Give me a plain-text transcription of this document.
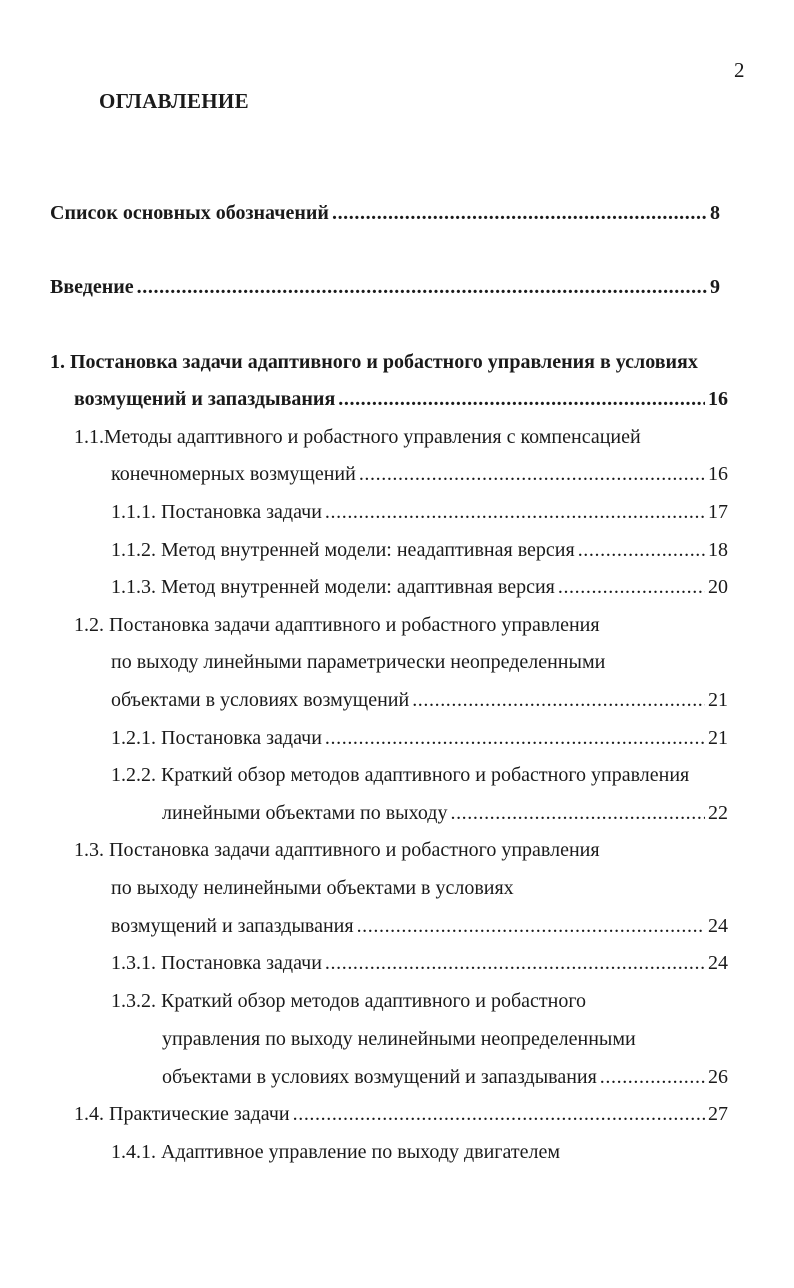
2
ОГЛАВЛЕНИЕ
Список основных обозначений . . .	8
Введение . . .	9
1. Постановка задачи адаптивного и робастного управления в условиях
возмущений и запаздывания . . .	16
1.1.Методы адаптивного и робастного управления с компенсацией
конечномерных возмущений . . .	16
1.1.1. Постановка задачи . . .	17
1.1.2. Метод внутренней модели: неадаптивная версия . . .	18
1.1.3. Метод внутренней модели: адаптивная версия . . .	20
1.2. Постановка задачи адаптивного и робастного управления
по выходу линейными параметрически неопределенными
объектами в условиях возмущений . . .	21
1.2.1. Постановка задачи . . .	21
1.2.2. Краткий обзор методов адаптивного и робастного управления
линейными объектами по выходу . . .	22
1.3. Постановка задачи адаптивного и робастного управления
по выходу нелинейными объектами в условиях
возмущений и запаздывания . . .	24
1.3.1. Постановка задачи . . .	24
1.3.2. Краткий обзор методов адаптивного и робастного
управления по выходу нелинейными неопределенными
объектами в условиях возмущений и запаздывания . . .	26
1.4. Практические задачи . . .	27
1.4.1. Адаптивное управление по выходу двигателем
